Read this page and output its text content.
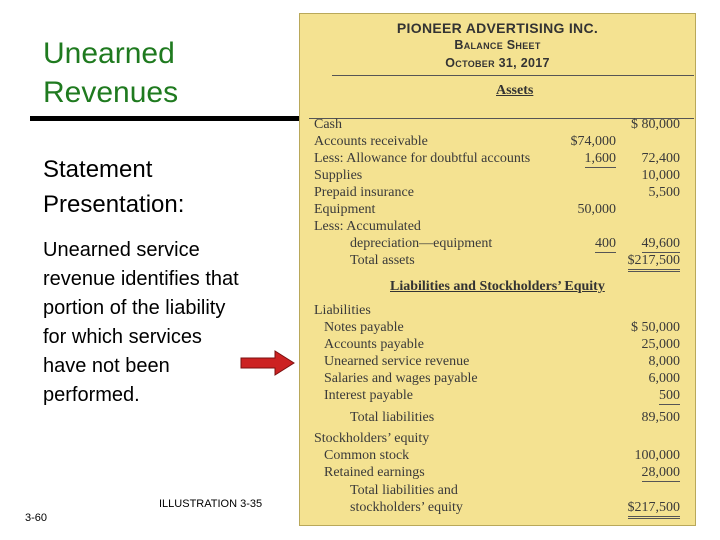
Unearned Revenues
Statement Presentation:
Unearned service revenue identifies that portion of the liability for which services have not been performed.
ILLUSTRATION 3-35
3-60
PIONEER ADVERTISING INC.
Balance Sheet
October 31, 2017
Assets
Cash	$ 80,000
Accounts receivable	$74,000
Less: Allowance for doubtful accounts	1,600 72,400
Supplies	10,000
Prepaid insurance	5,500
Equipment	50,000
Less: Accumulated
depreciation—equipment	400 49,600
Total assets	$217,500
Liabilities and Stockholders’ Equity
Liabilities
Notes payable	$ 50,000
Accounts payable	25,000
Unearned service revenue	8,000
Salaries and wages payable	6,000
Interest payable	500
Total liabilities	89,500
Stockholders’ equity
Common stock	100,000
Retained earnings	28,000
Total liabilities and
stockholders’ equity	$217,500
